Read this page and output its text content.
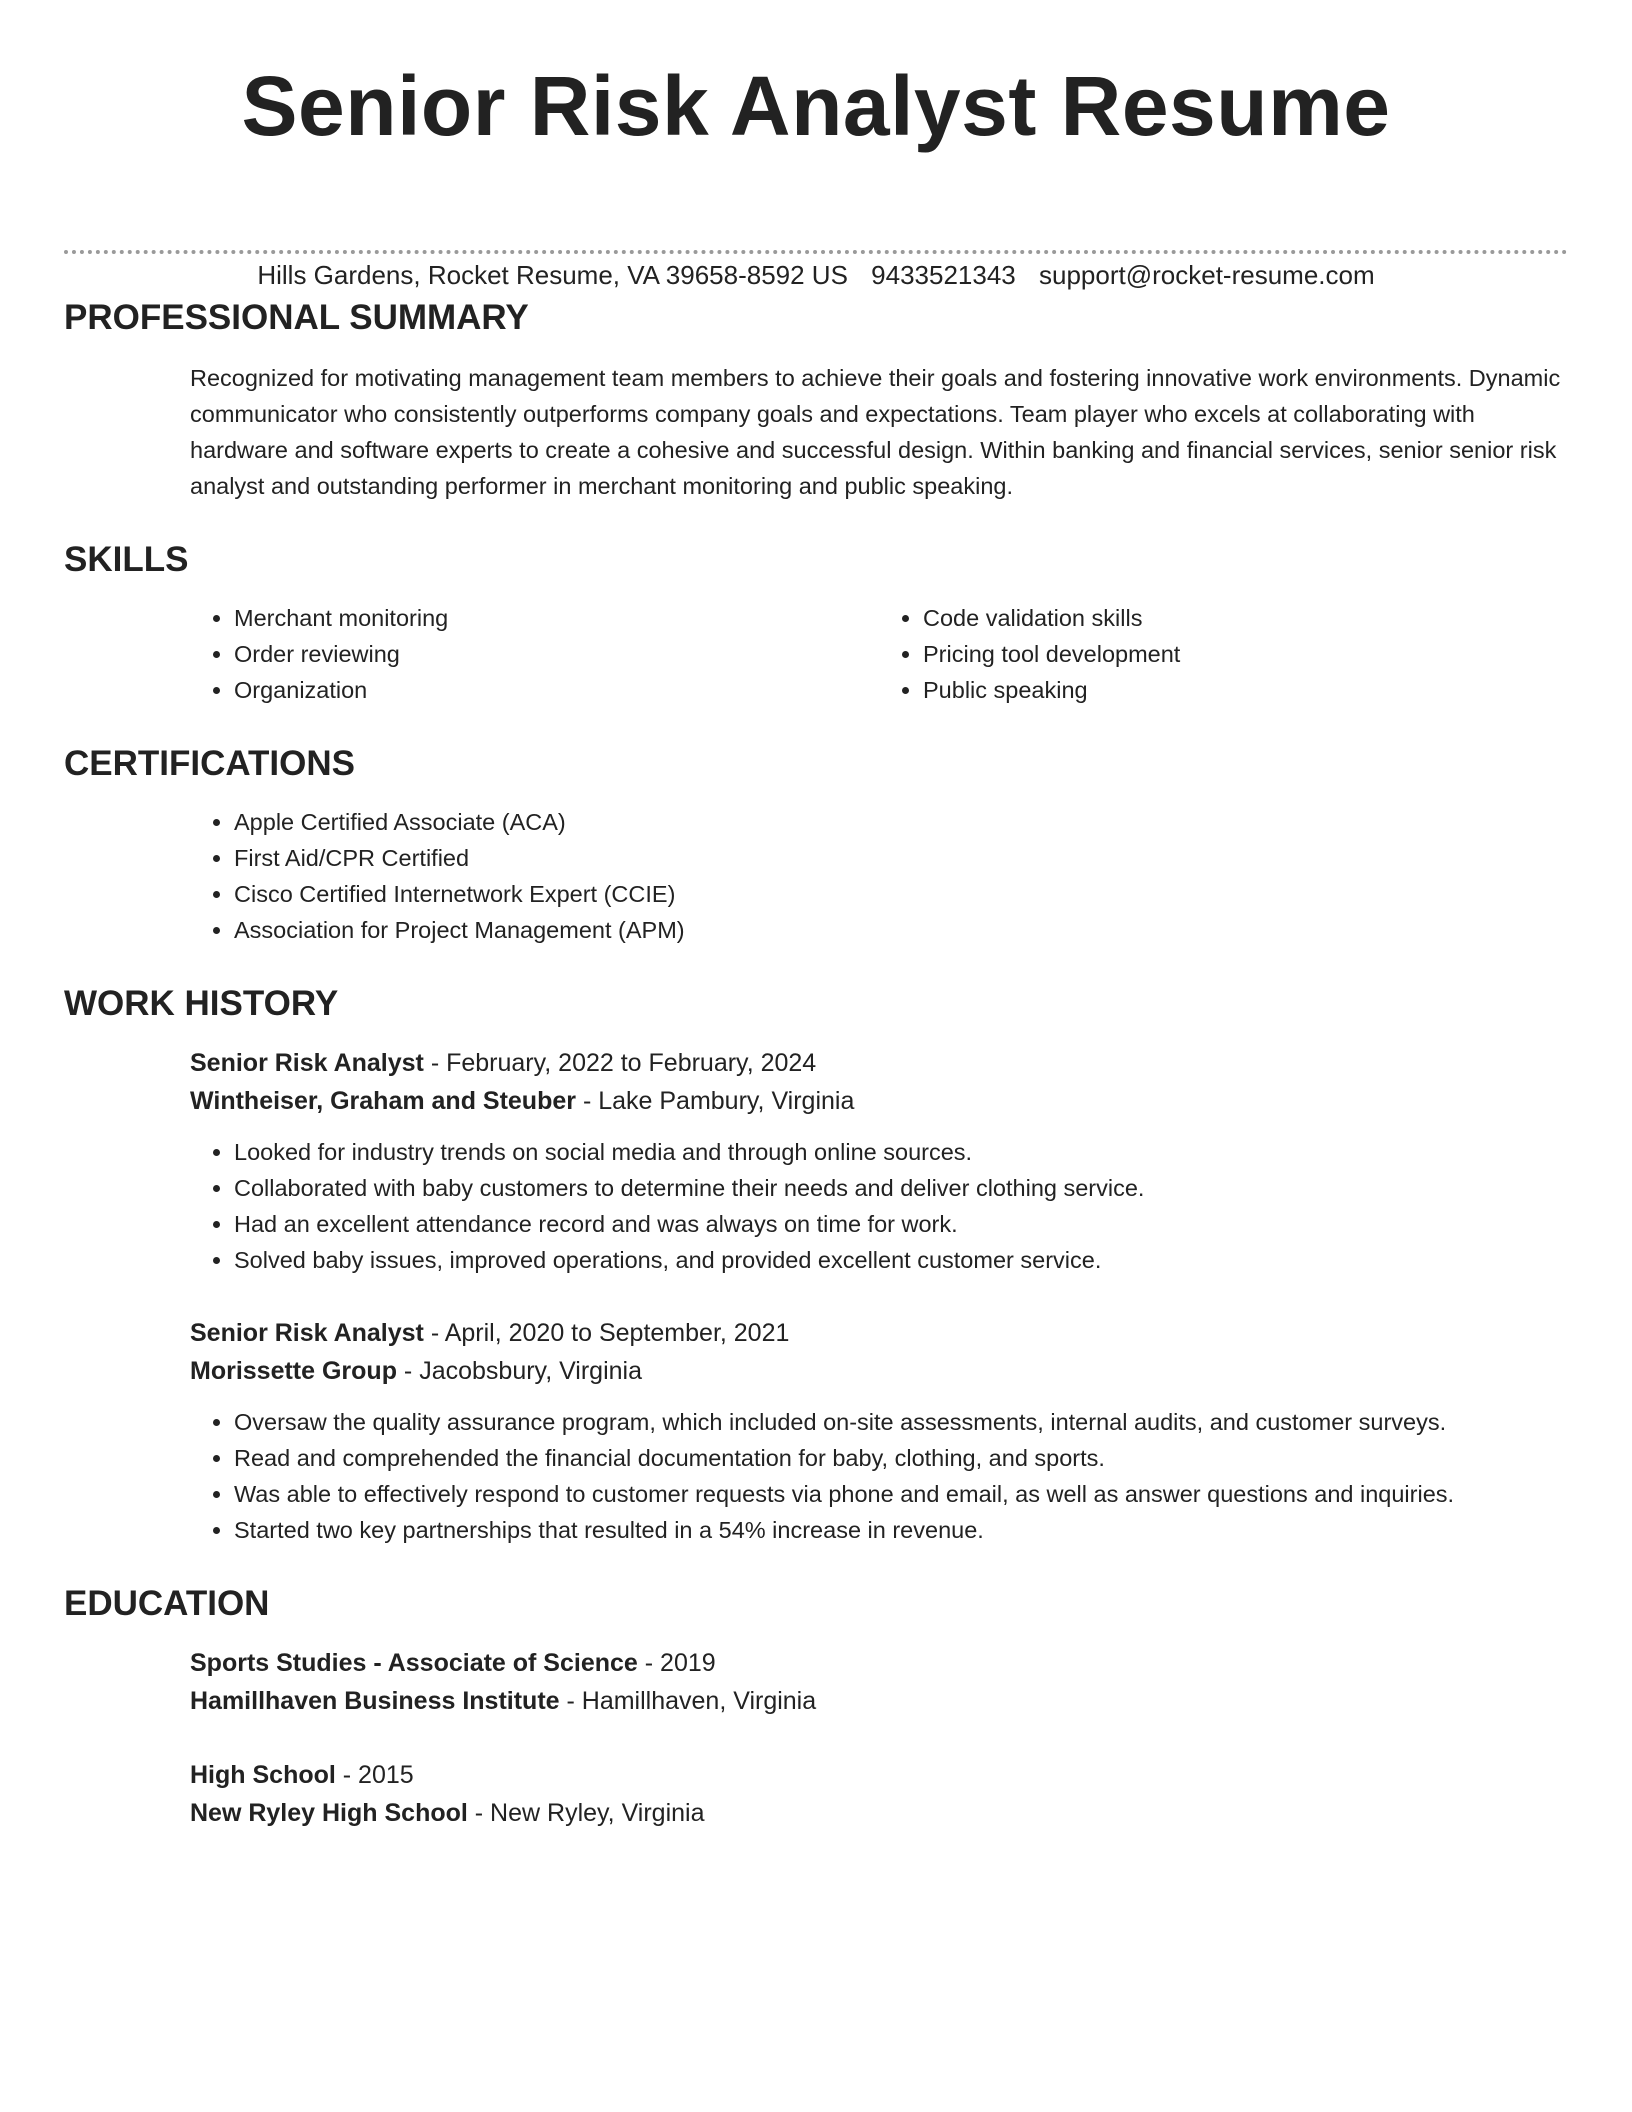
Senior Risk Analyst Resume
Hills Gardens, Rocket Resume, VA 39658-8592 US 9433521343 support@rocket-resume.com
PROFESSIONAL SUMMARY

Recognized for motivating management team members to achieve their goals and fostering innovative work environments. Dynamic communicator who consistently outperforms company goals and expectations. Team player who excels at collaborating with hardware and software experts to create a cohesive and successful design. Within banking and financial services, senior senior risk analyst and outstanding performer in merchant monitoring and public speaking.

SKILLS
• Merchant monitoring
• Order reviewing
• Organization
• Code validation skills
• Pricing tool development
• Public speaking
CERTIFICATIONS
• Apple Certified Associate (ACA)
• First Aid/CPR Certified
• Cisco Certified Internetwork Expert (CCIE)
• Association for Project Management (APM)
WORK HISTORY
Senior Risk Analyst - February, 2022 to February, 2024
Wintheiser, Graham and Steuber - Lake Pambury, Virginia
• Looked for industry trends on social media and through online sources.
• Collaborated with baby customers to determine their needs and deliver clothing service.
• Had an excellent attendance record and was always on time for work.
• Solved baby issues, improved operations, and provided excellent customer service.
Senior Risk Analyst - April, 2020 to September, 2021
Morissette Group - Jacobsbury, Virginia
• Oversaw the quality assurance program, which included on-site assessments, internal audits, and customer surveys.
• Read and comprehended the financial documentation for baby, clothing, and sports.
• Was able to effectively respond to customer requests via phone and email, as well as answer questions and inquiries.
• Started two key partnerships that resulted in a 54% increase in revenue.
EDUCATION
Sports Studies - Associate of Science - 2019
Hamillhaven Business Institute - Hamillhaven, Virginia
High School - 2015
New Ryley High School - New Ryley, Virginia
